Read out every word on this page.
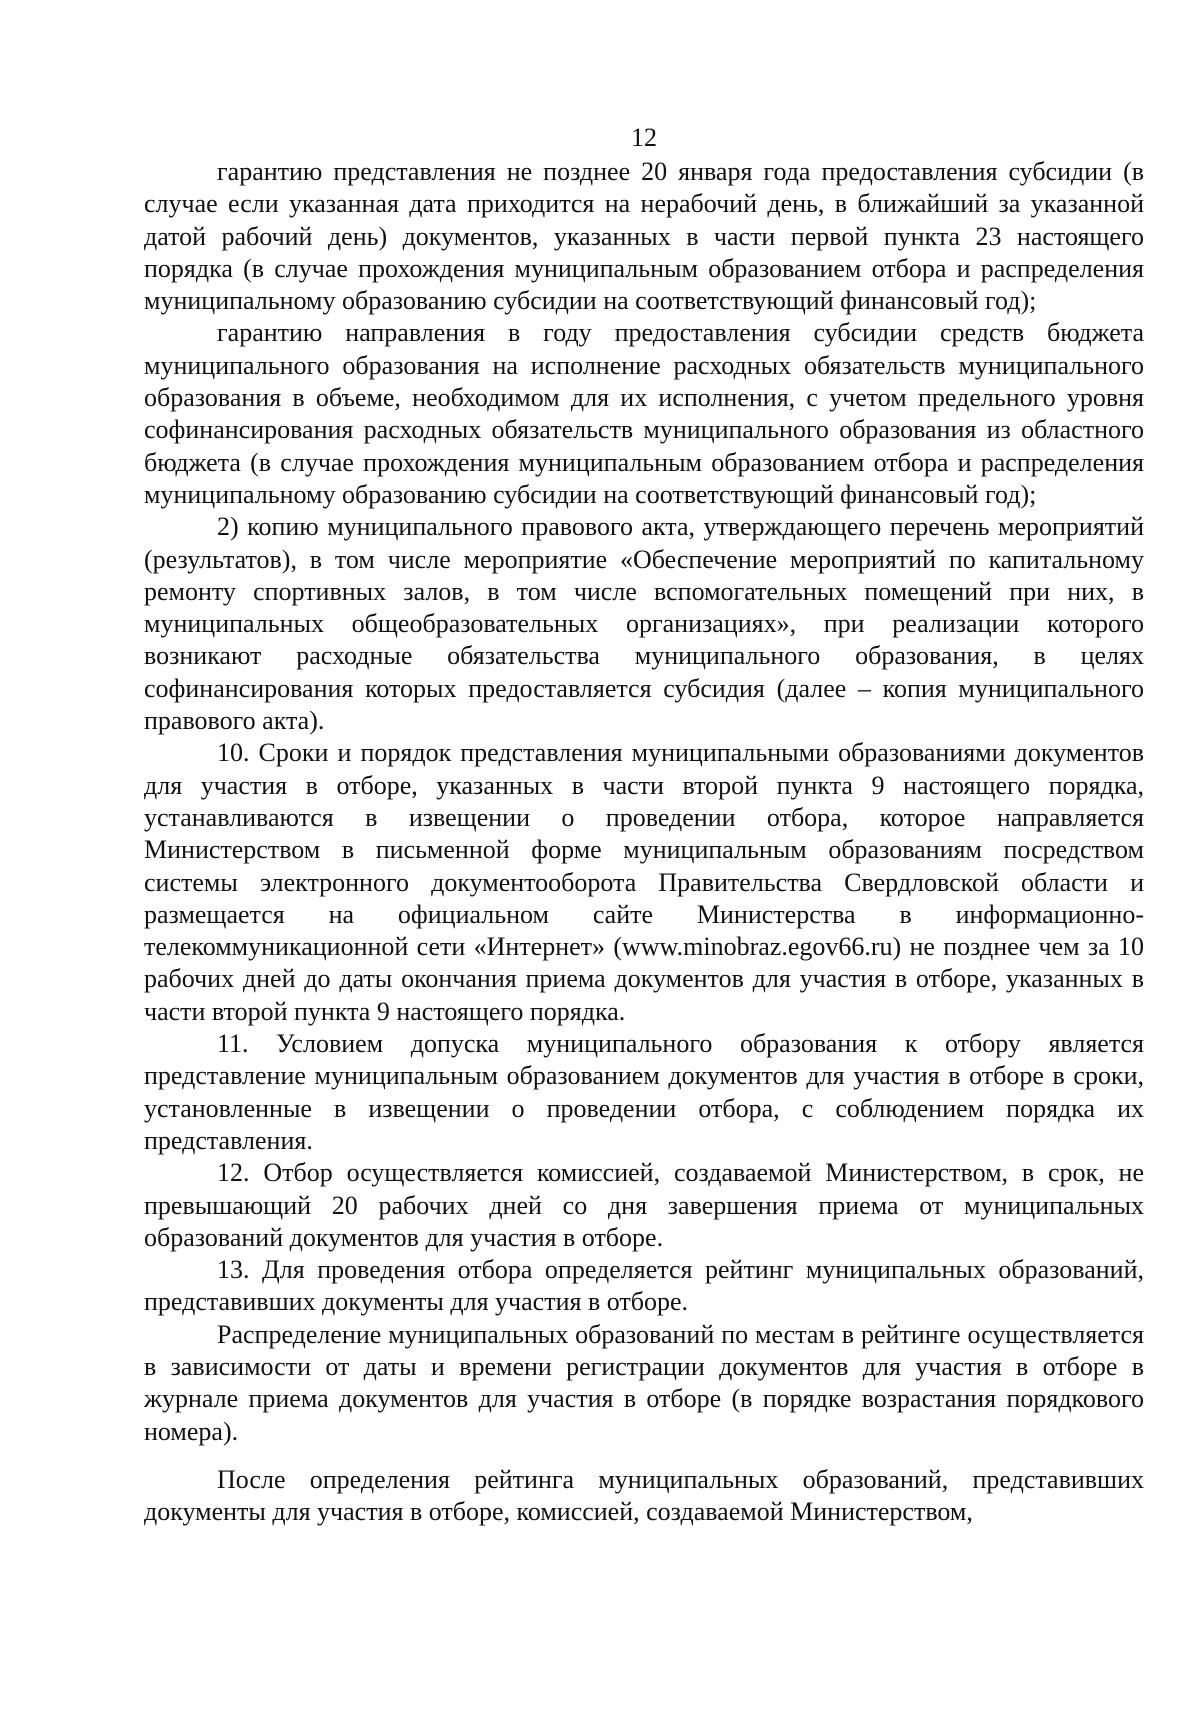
12

гарантию представления не позднее 20 января года предоставления субсидии (в случае если указанная дата приходится на нерабочий день, в ближайший за указанной датой рабочий день) документов, указанных в части первой пункта 23 настоящего порядка (в случае прохождения муниципальным образованием отбора и распределения муниципальному образованию субсидии на соответствующий финансовый год);

гарантию направления в году предоставления субсидии средств бюджета муниципального образования на исполнение расходных обязательств муниципального образования в объеме, необходимом для их исполнения, с учетом предельного уровня софинансирования расходных обязательств муниципального образования из областного бюджета (в случае прохождения муниципальным образованием отбора и распределения муниципальному образованию субсидии на соответствующий финансовый год);

2) копию муниципального правового акта, утверждающего перечень мероприятий (результатов), в том числе мероприятие «Обеспечение мероприятий по капитальному ремонту спортивных залов, в том числе вспомогательных помещений при них, в муниципальных общеобразовательных организациях», при реализации которого возникают расходные обязательства муниципального образования, в целях софинансирования которых предоставляется субсидия (далее – копия муниципального правового акта).

10. Сроки и порядок представления муниципальными образованиями документов для участия в отборе, указанных в части второй пункта 9 настоящего порядка, устанавливаются в извещении о проведении отбора, которое направляется Министерством в письменной форме муниципальным образованиям посредством системы электронного документооборота Правительства Свердловской области и размещается на официальном сайте Министерства в информационно-телекоммуникационной сети «Интернет» (www.minobraz.egov66.ru) не позднее чем за 10 рабочих дней до даты окончания приема документов для участия в отборе, указанных в части второй пункта 9 настоящего порядка.

11. Условием допуска муниципального образования к отбору является представление муниципальным образованием документов для участия в отборе в сроки, установленные в извещении о проведении отбора, с соблюдением порядка их представления.

12. Отбор осуществляется комиссией, создаваемой Министерством, в срок, не превышающий 20 рабочих дней со дня завершения приема от муниципальных образований документов для участия в отборе.

13. Для проведения отбора определяется рейтинг муниципальных образований, представивших документы для участия в отборе.

Распределение муниципальных образований по местам в рейтинге осуществляется в зависимости от даты и времени регистрации документов для участия в отборе в журнале приема документов для участия в отборе (в порядке возрастания порядкового номера).

После определения рейтинга муниципальных образований, представивших документы для участия в отборе, комиссией, создаваемой Министерством,
